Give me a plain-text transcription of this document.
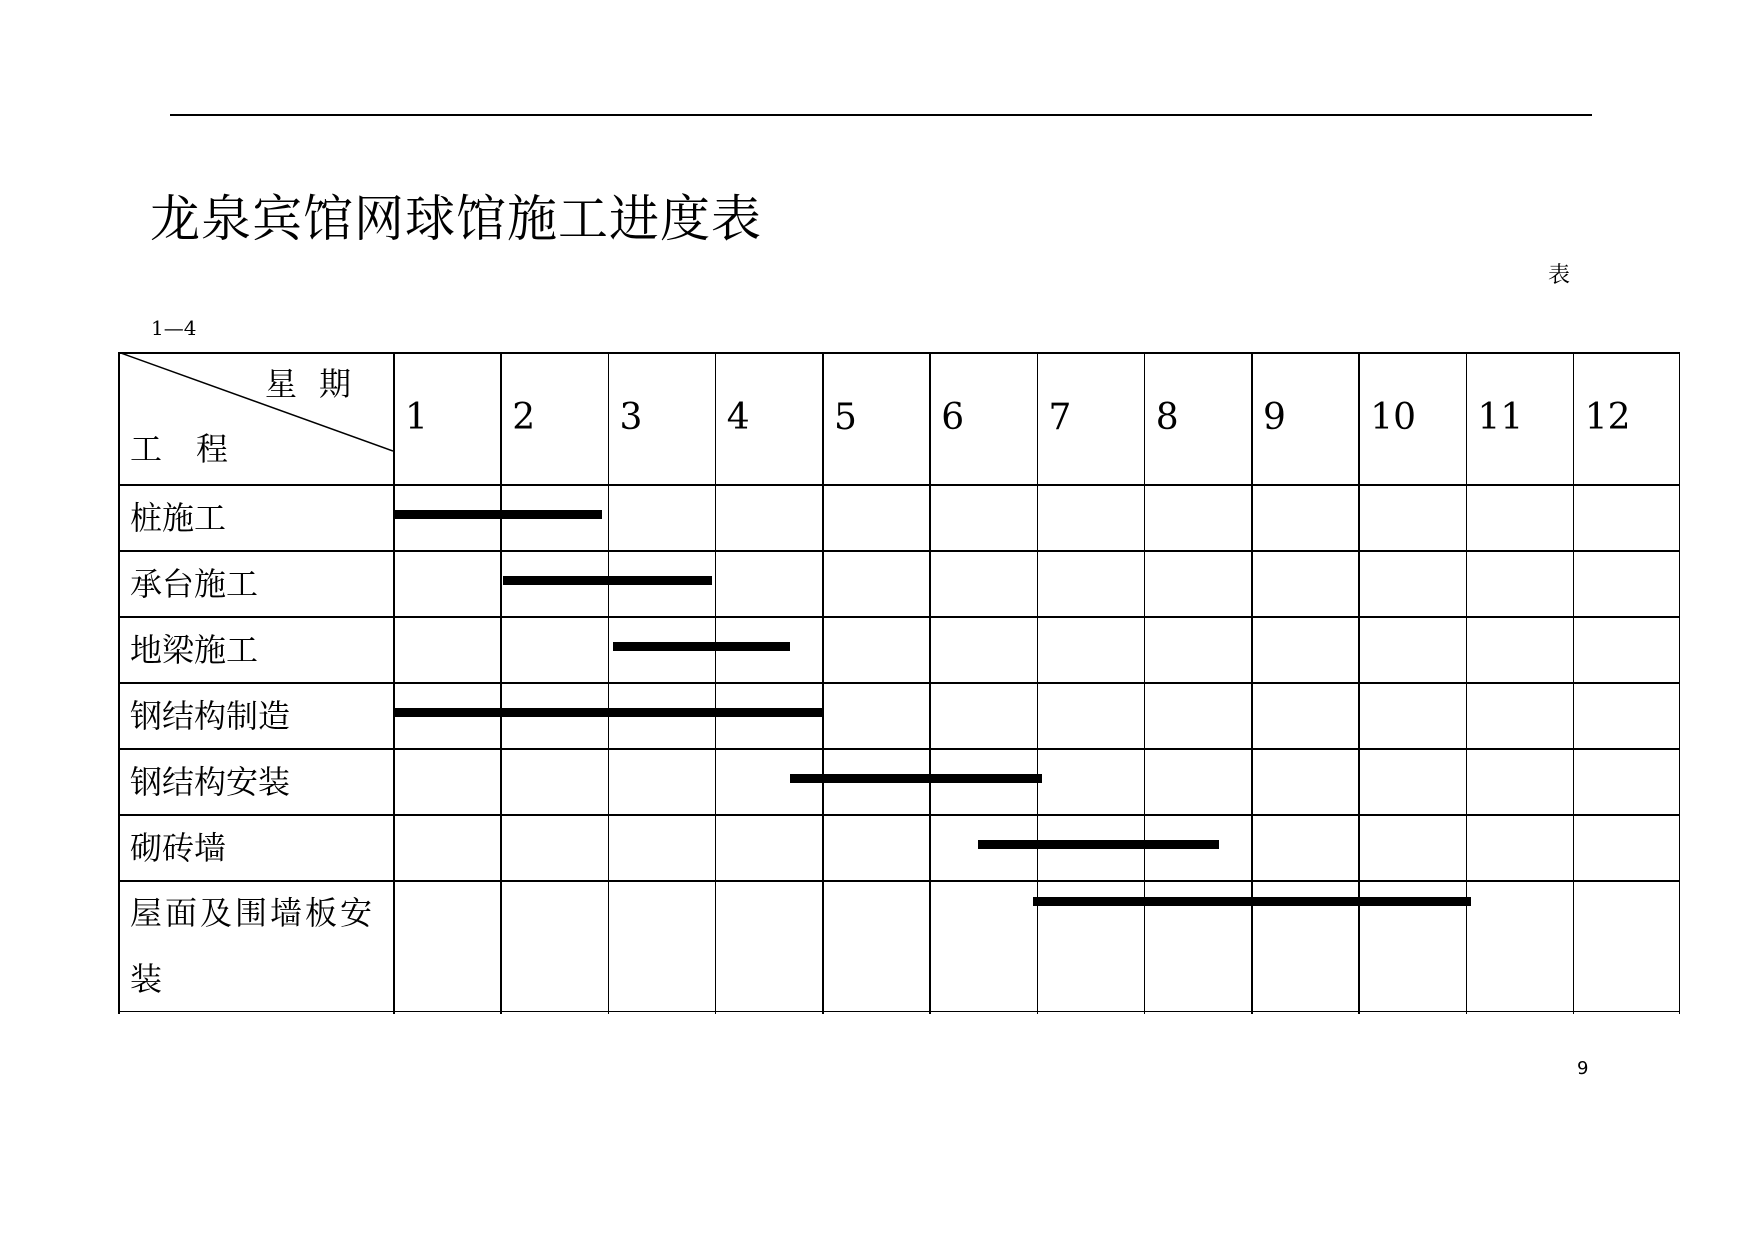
龙泉宾馆网球馆施工进度表
表
1—4
星期
工程
1 2 3 4 5 6 7 8 9 10 11 12
桩施工
承台施工
地梁施工
钢结构制造
钢结构安装
砌砖墙
屋面及围墙板安装
9
